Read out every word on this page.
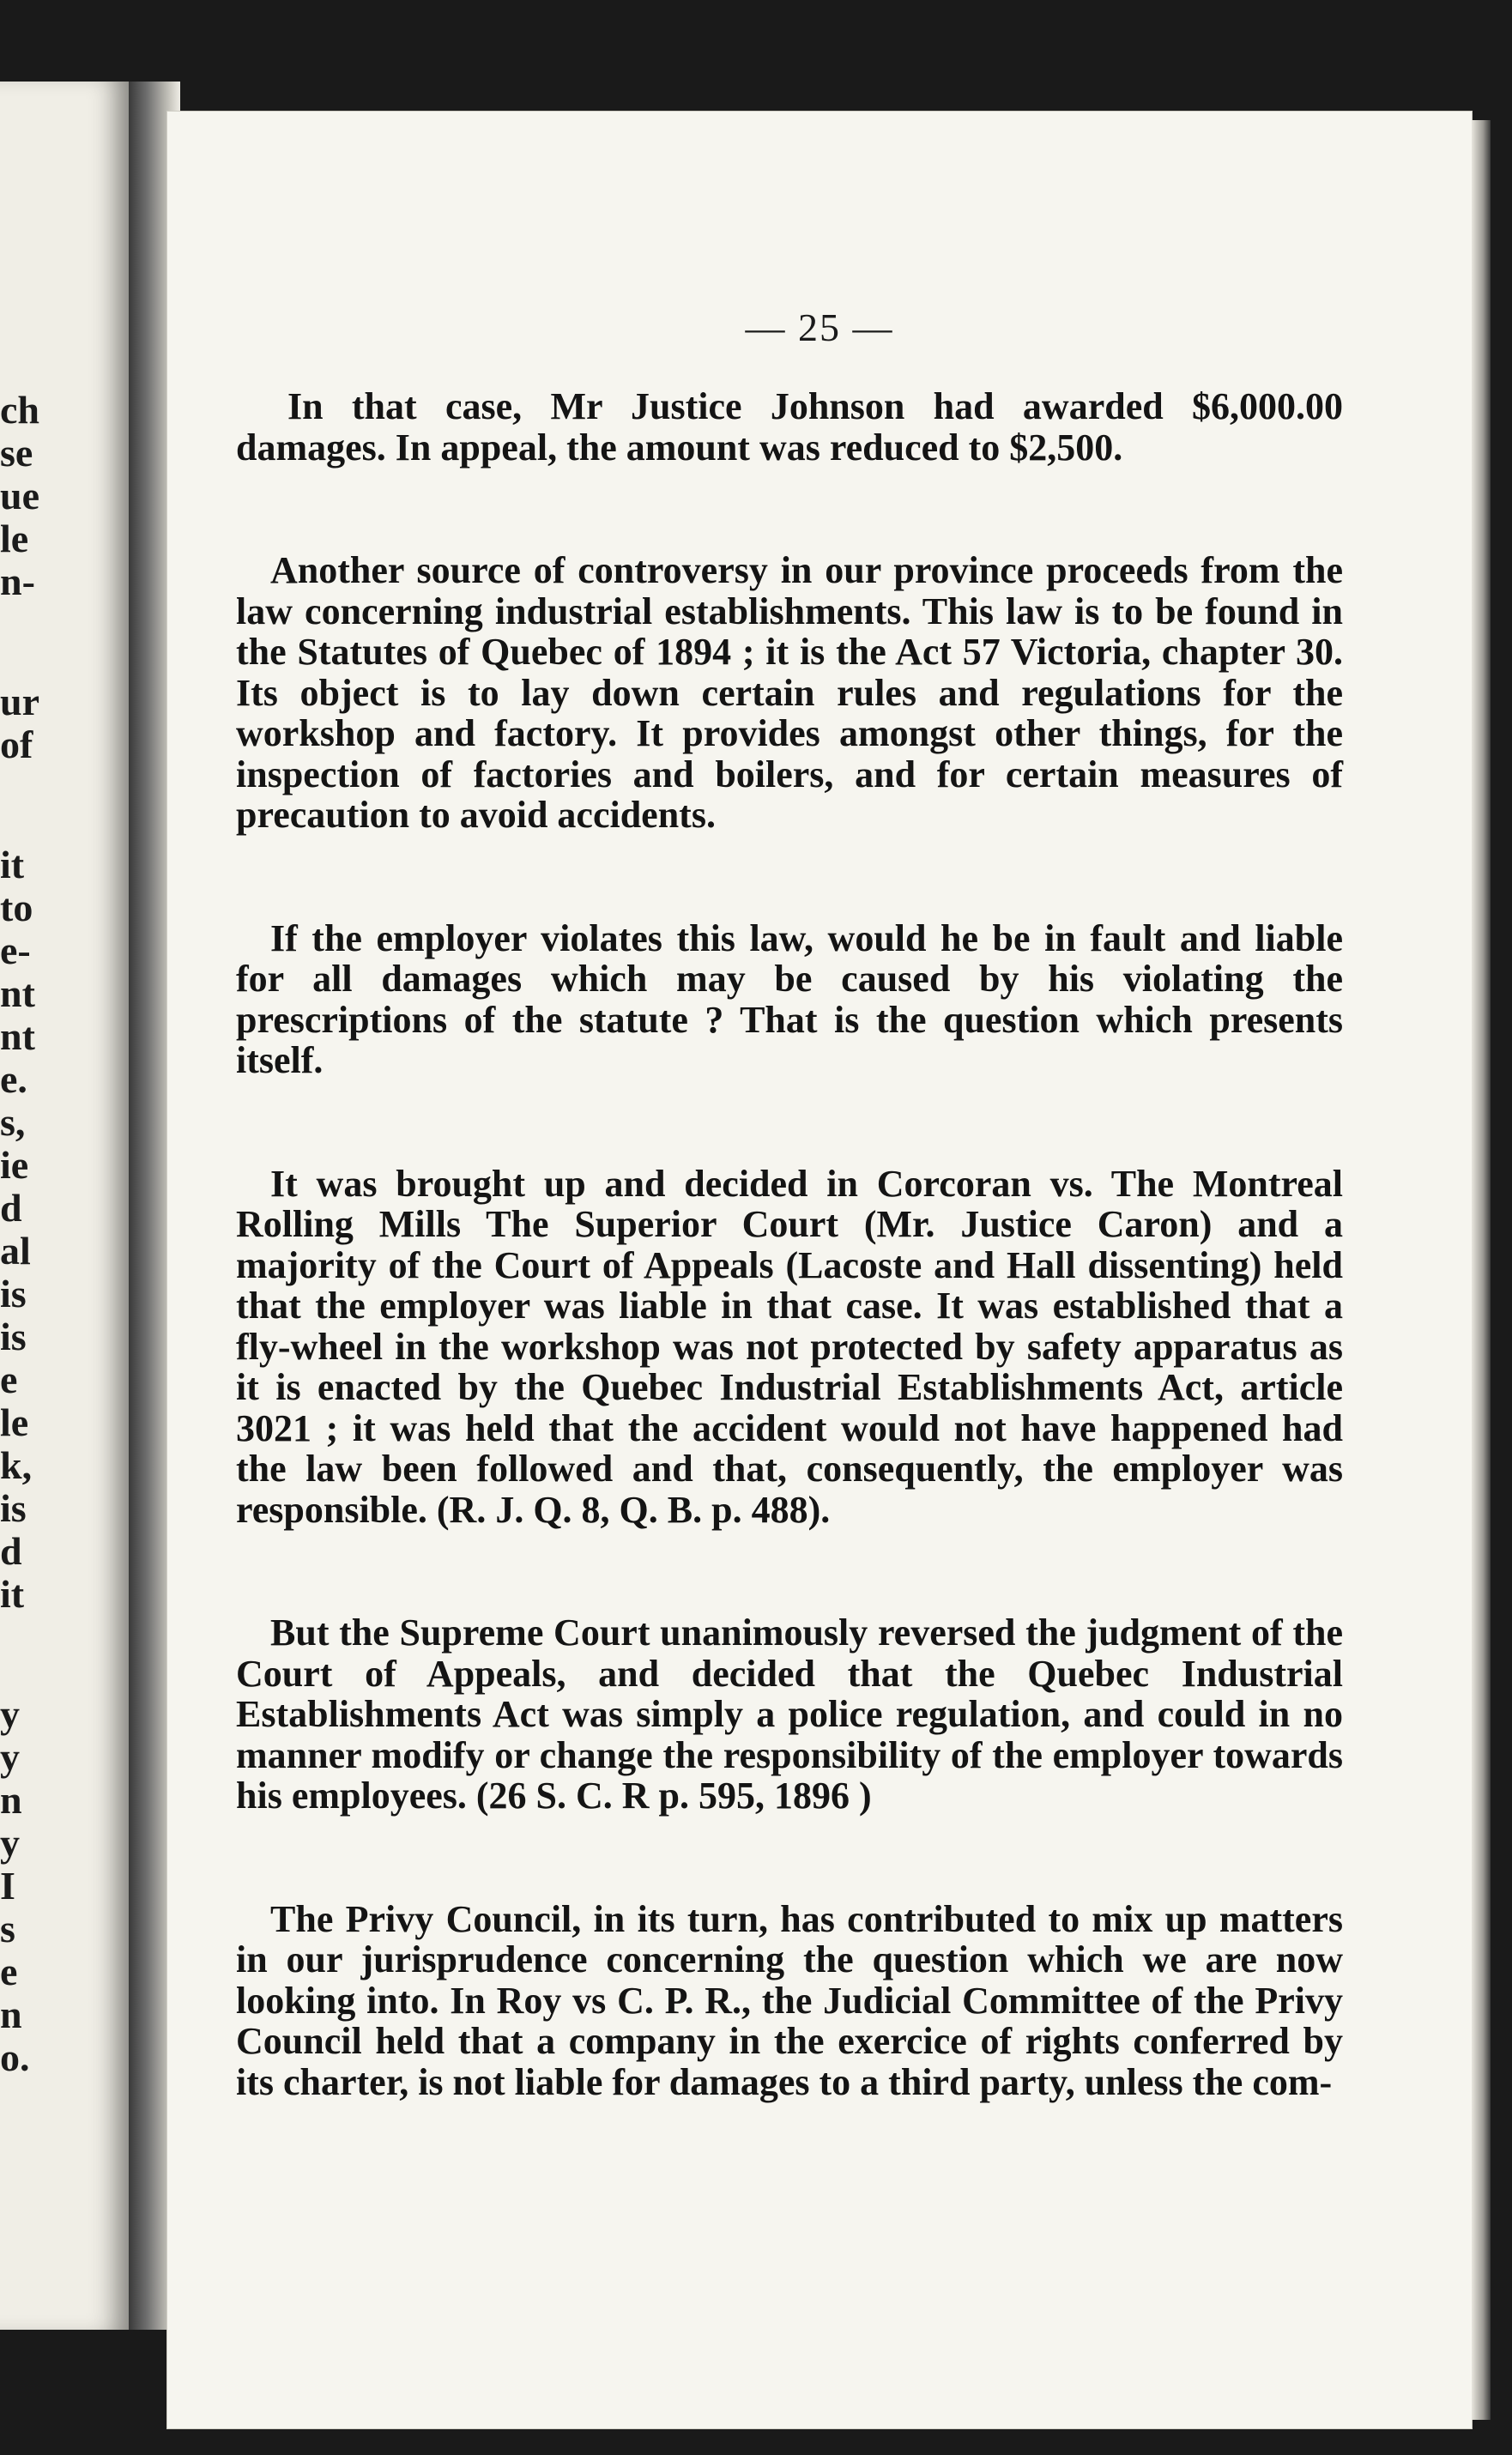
ch
se
ue
le
n-
ur
of
it
to
e-
nt
nt
e.
s,
ie
d
al
is
is
e
le
k,
is
d
it
y
y
n
y
I
s
e
n
o.
— 25 —

In that case, Mr Justice Johnson had awarded $6,000.00 damages. In appeal, the amount was reduced to $2,500.

Another source of controversy in our province proceeds from the law concerning industrial establishments. This law is to be found in the Statutes of Quebec of 1894 ; it is the Act 57 Victoria, chapter 30. Its object is to lay down certain rules and regulations for the workshop and factory. It provides amongst other things, for the inspection of factories and boilers, and for certain measures of precaution to avoid accidents.

If the employer violates this law, would he be in fault and liable for all damages which may be caused by his violating the prescriptions of the statute ? That is the question which presents itself.

It was brought up and decided in Corcoran vs. The Montreal Rolling Mills The Superior Court (Mr. Justice Caron) and a majority of the Court of Appeals (Lacoste and Hall dissenting) held that the employer was liable in that case. It was established that a fly-wheel in the workshop was not protected by safety apparatus as it is enacted by the Quebec Industrial Establishments Act, article 3021 ; it was held that the accident would not have happened had the law been followed and that, consequently, the employer was responsible. (R. J. Q. 8, Q. B. p. 488).

But the Supreme Court unanimously reversed the judgment of the Court of Appeals, and decided that the Quebec Industrial Establishments Act was simply a police regulation, and could in no manner modify or change the responsibility of the employer towards his employees. (26 S. C. R p. 595, 1896 )

The Privy Council, in its turn, has contributed to mix up matters in our jurisprudence concerning the question which we are now looking into. In Roy vs C. P. R., the Judicial Committee of the Privy Council held that a company in the exercice of rights conferred by its charter, is not liable for damages to a third party, unless the com-
